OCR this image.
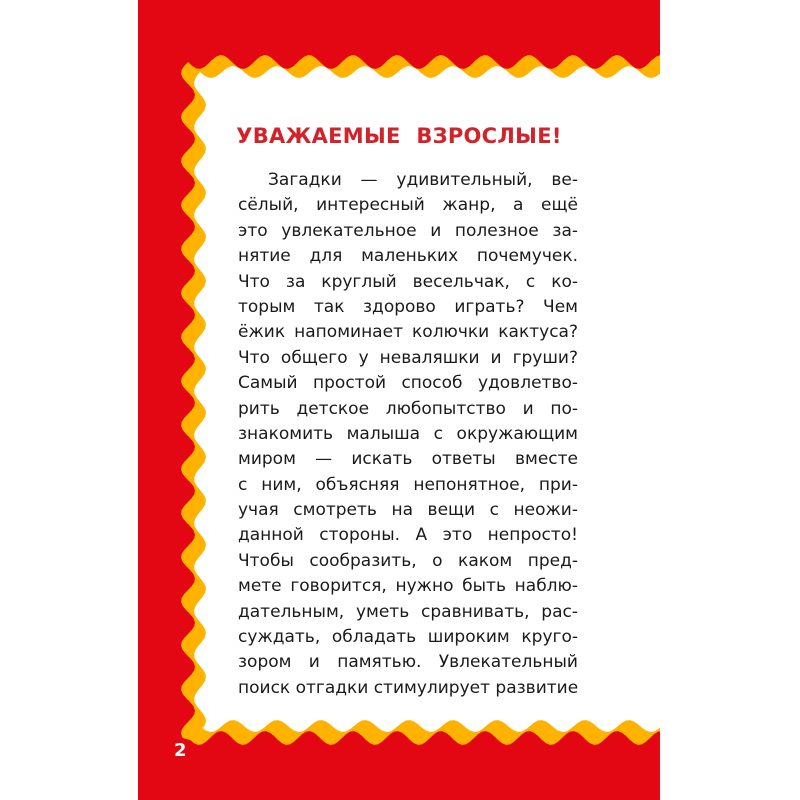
УВАЖАЕМЫЕ ВЗРОСЛЫЕ!
Загадки — удивительный, ве-
сёлый, интересный жанр, а ещё
это увлекательное и полезное за-
нятие для маленьких почемучек.
Что за круглый весельчак, с ко-
торым так здорово играть? Чем
ёжик напоминает колючки кактуса?
Что общего у неваляшки и груши?
Самый простой способ удовлетво-
рить детское любопытство и по-
знакомить малыша с окружающим
миром — искать ответы вместе
с ним, объясняя непонятное, при-
учая смотреть на вещи с неожи-
данной стороны. А это непросто!
Чтобы сообразить, о каком пред-
мете говорится, нужно быть наблю-
дательным, уметь сравнивать, рас-
суждать, обладать широким круго-
зором и памятью. Увлекательный
поиск отгадки стимулирует развитие
2
